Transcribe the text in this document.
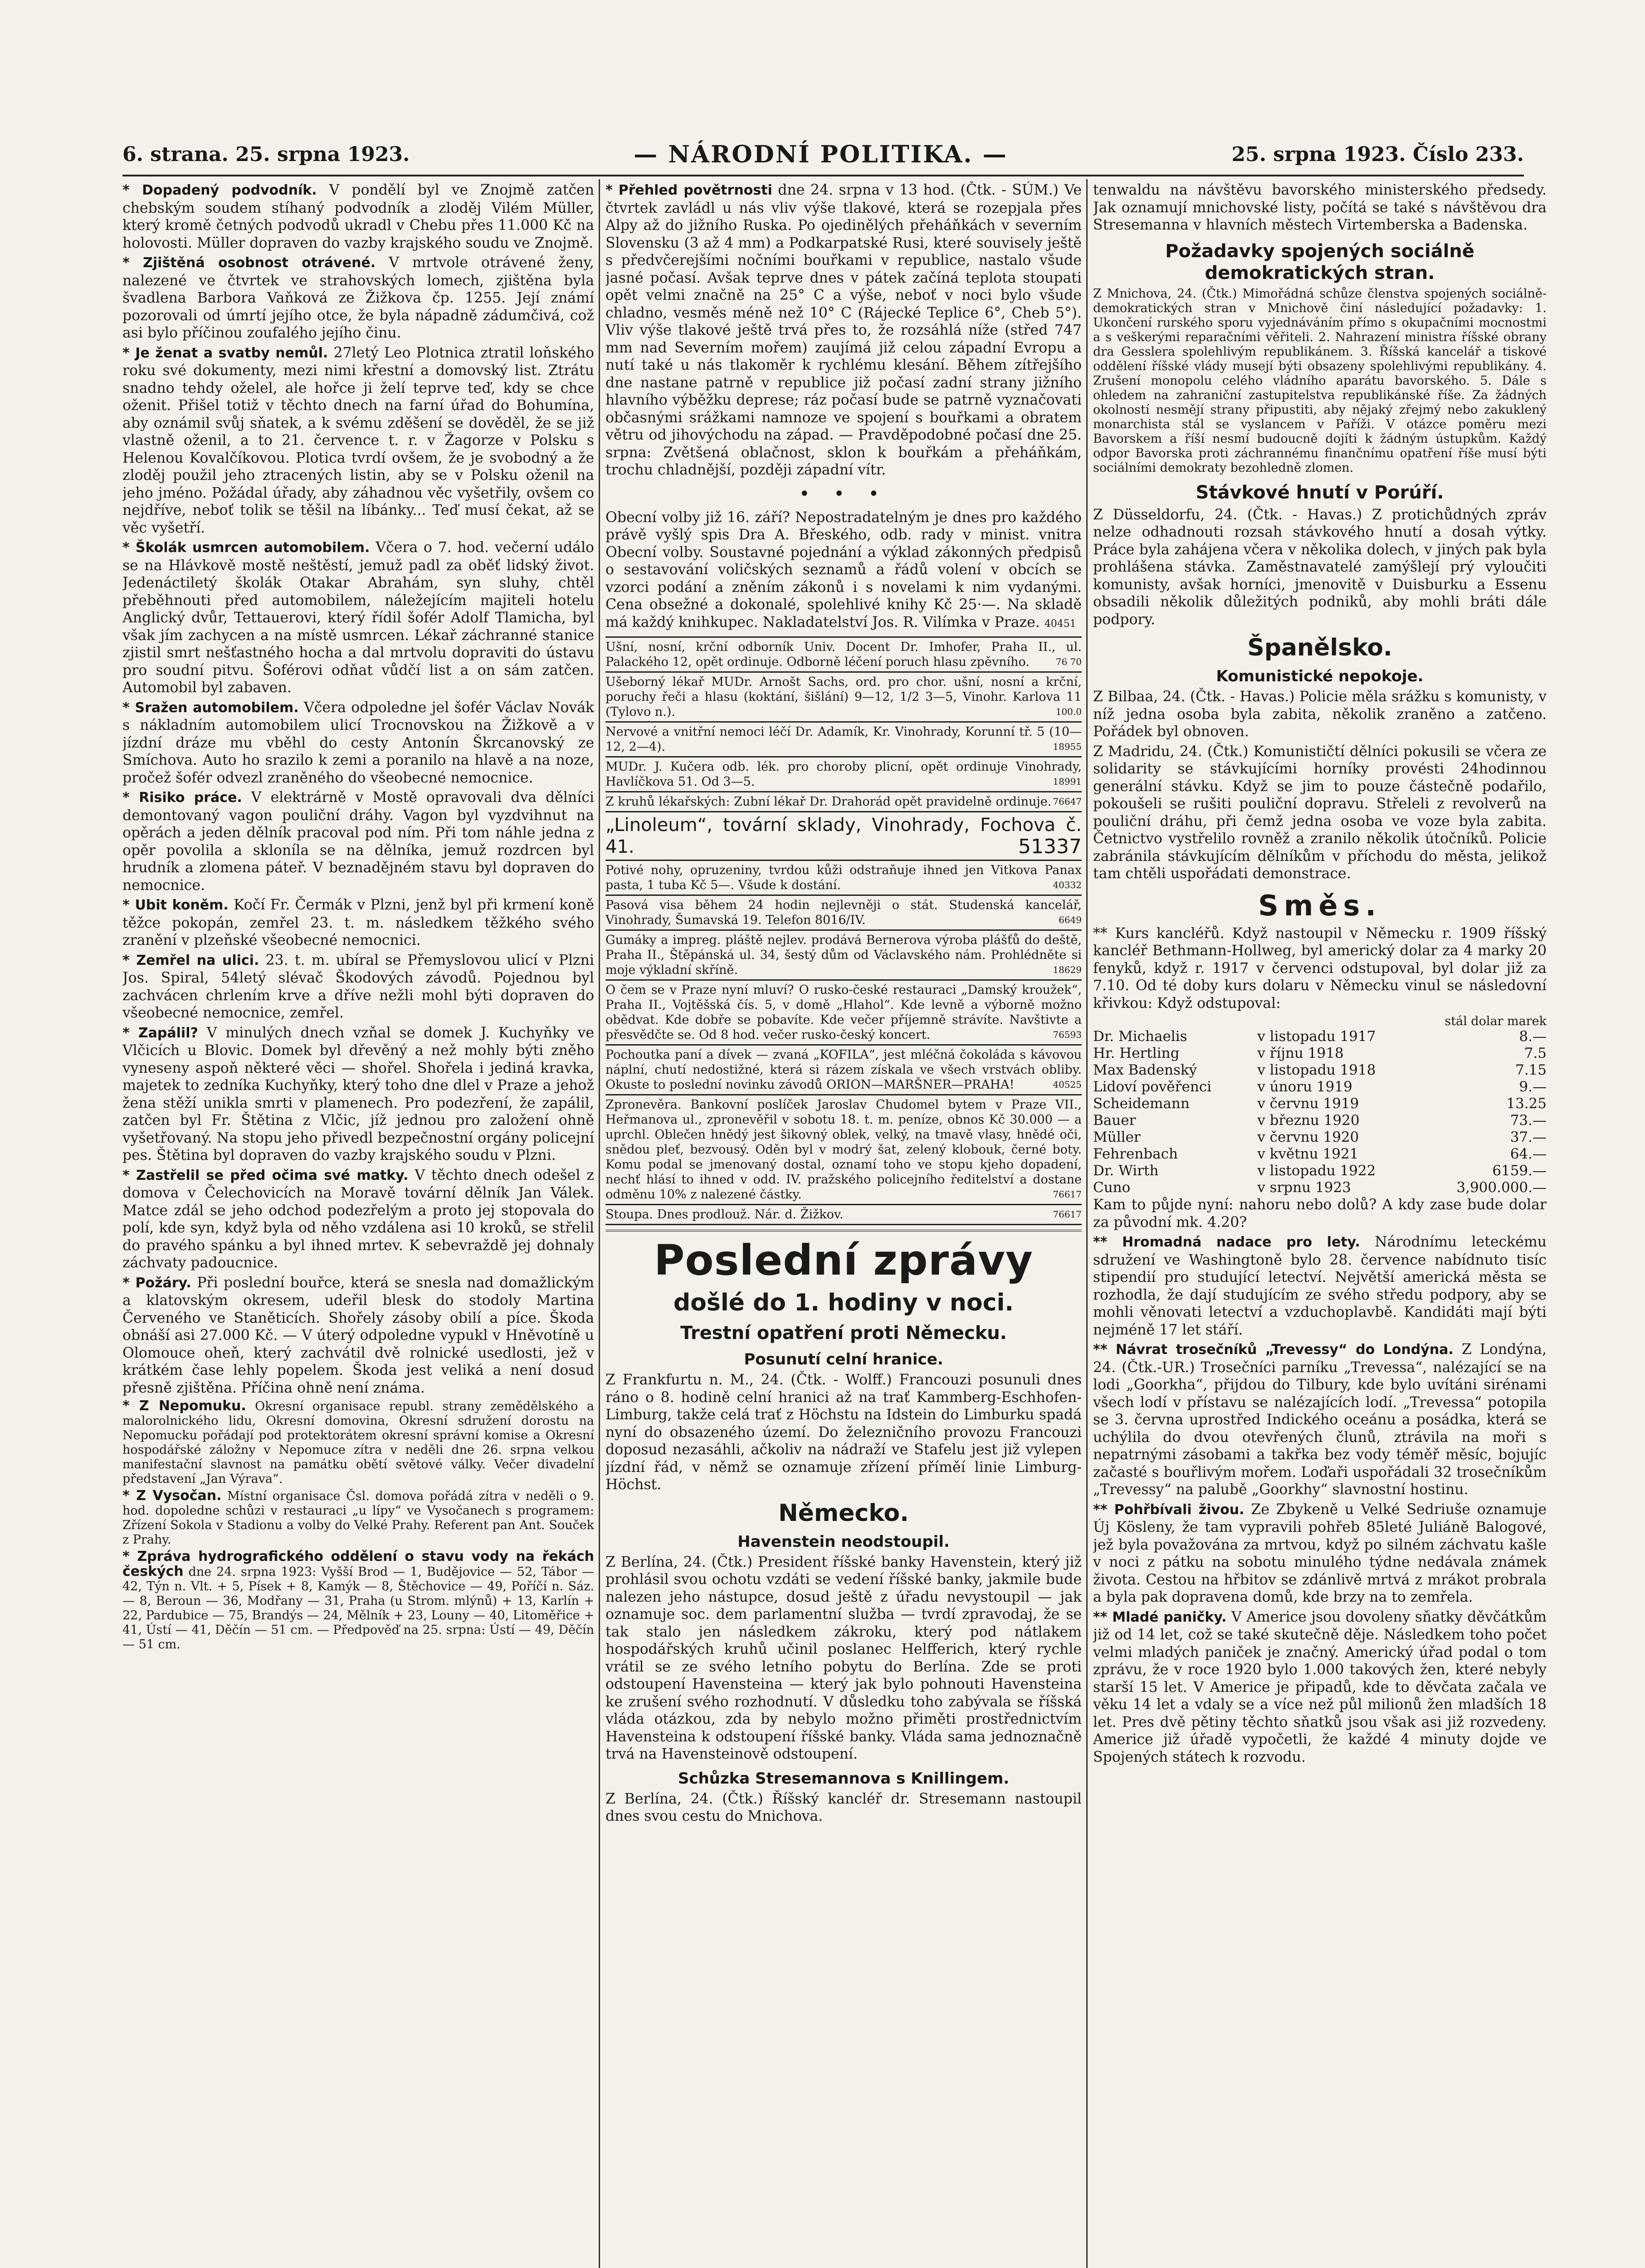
6. strana. 25. srpna 1923.	— NÁRODNÍ POLITIKA. —	25. srpna 1923. Číslo 233.

* Dopadený podvodník. V pondělí byl ve Znojmě zatčen chebským soudem stíhaný podvodník a zloděj Vilém Müller, který kromě četných podvodů ukradl v Chebu přes 11.000 Kč na holovosti. Müller dopraven do vazby krajského soudu ve Znojmě.

* Zjištěná osobnost otrávené. V mrtvole otrávené ženy, nalezené ve čtvrtek ve strahovských lomech, zjištěna byla švadlena Barbora Vaňková ze Žižkova čp. 1255. Její známí pozorovali od úmrtí jejího otce, že byla nápadně zádumčivá, což asi bylo příčinou zoufalého jejího činu.

* Je ženat a svatby nemůl. 27letý Leo Plotnica ztratil loňského roku své dokumenty, mezi nimi křestní a domovský list. Ztrátu snadno tehdy oželel, ale hořce ji želí teprve teď, kdy se chce oženit. Přišel totiž v těchto dnech na farní úřad do Bohumína, aby oznámil svůj sňatek, a k svému zděšení se dověděl, že se již vlastně oženil, a to 21. července t. r. v Žagorze v Polsku s Helenou Kovalčíkovou. Plotica tvrdí ovšem, že je svobodný a že zloděj použil jeho ztracených listin, aby se v Polsku oženil na jeho jméno. Požádal úřady, aby záhadnou věc vyšetřily, ovšem co nejdříve, neboť tolik se těšil na líbánky... Teď musí čekat, až se věc vyšetří.

* Školák usmrcen automobilem. Včera o 7. hod. večerní událo se na Hlávkově mostě neštěstí, jemuž padl za oběť lidský život. Jedenáctiletý školák Otakar Abrahám, syn sluhy, chtěl přeběhnouti před automobilem, náležejícím majiteli hotelu Anglický dvůr, Tettauerovi, který řídil šofér Adolf Tlamicha, byl však jím zachycen a na místě usmrcen. Lékař záchranné stanice zjistil smrt nešťastného hocha a dal mrtvolu dopraviti do ústavu pro soudní pitvu. Šoférovi odňat vůdčí list a on sám zatčen. Automobil byl zabaven.

* Sražen automobilem. Včera odpoledne jel šofér Václav Novák s nákladním automobilem ulicí Trocnovskou na Žižkově a v jízdní dráze mu vběhl do cesty Antonín Škrcanovský ze Smíchova. Auto ho srazilo k zemi a poranilo na hlavě a na noze, pročež šofér odvezl zraněného do všeobecné nemocnice.

* Risiko práce. V elektrárně v Mostě opravovali dva dělníci demontovaný vagon pouliční dráhy. Vagon byl vyzdvihnut na opěrách a jeden dělník pracoval pod ním. Při tom náhle jedna z opěr povolila a skloníla se na dělníka, jemuž rozdrcen byl hrudník a zlomena páteř. V beznadějném stavu byl dopraven do nemocnice.

* Ubit koněm. Kočí Fr. Čermák v Plzni, jenž byl při krmení koně těžce pokopán, zemřel 23. t. m. následkem těžkého svého zranění v plzeňské všeobecné nemocnici.

* Zemřel na ulici. 23. t. m. ubíral se Přemyslovou ulicí v Plzni Jos. Spiral, 54letý slévač Škodových závodů. Pojednou byl zachvácen chrlením krve a dříve nežli mohl býti dopraven do všeobecné nemocnice, zemřel.

* Zapálil? V minulých dnech vzňal se domek J. Kuchyňky ve Vlčicích u Blovic. Domek byl dřevěný a než mohly býti zněho vyneseny aspoň některé věci — shořel. Shořela i jediná kravka, majetek to zedníka Kuchyňky, který toho dne dlel v Praze a jehož žena stěží unikla smrti v plamenech. Pro podezření, že zapálil, zatčen byl Fr. Štětina z Vlčic, jíž jednou pro založení ohně vyšetřovaný. Na stopu jeho přivedl bezpečnostní orgány policejní pes. Štětina byl dopraven do vazby krajského soudu v Plzni.

* Zastřelil se před očima své matky. V těchto dnech odešel z domova v Čelechovicích na Moravě tovární dělník Jan Válek. Matce zdál se jeho odchod podezřelým a proto jej stopovala do polí, kde syn, když byla od něho vzdálena asi 10 kroků, se střelil do pravého spánku a byl ihned mrtev. K sebevraždě jej dohnaly záchvaty padoucnice.

* Požáry. Při poslední bouřce, která se snesla nad domažlickým a klatovským okresem, udeřil blesk do stodoly Martina Červeného ve Staněticích. Shořely zásoby obilí a píce. Škoda obnáší asi 27.000 Kč. — V úterý odpoledne vypukl v Hněvotíně u Olomouce oheň, který zachvátil dvě rolnické usedlosti, jež v krátkém čase lehly popelem. Škoda jest veliká a není dosud přesně zjištěna. Příčina ohně není známa.

* Z Nepomuku. Okresní organisace republ. strany zemědělského a malorolnického lidu, Okresní domovina, Okresní sdružení dorostu na Nepomucku pořádají pod protektorátem okresní správní komise a Okresní hospodářské záložny v Nepomuce zítra v neděli dne 26. srpna velkou manifestační slavnost na památku obětí světové války. Večer divadelní představení „Jan Výrava“.

* Z Vysočan. Místní organisace Čsl. domova pořádá zítra v neděli o 9. hod. dopoledne schůzi v restauraci „u lípy“ ve Vysočanech s programem: Zřízení Sokola v Stadionu a volby do Velké Prahy. Referent pan Ant. Souček z Prahy.

* Zpráva hydrografického oddělení o stavu vody na řekách českých dne 24. srpna 1923: Vyšší Brod — 1, Budějovice — 52, Tábor — 42, Týn n. Vlt. + 5, Písek + 8, Kamýk — 8, Štěchovice — 49, Poříčí n. Sáz. — 8, Beroun — 36, Modřany — 31, Praha (u Strom. mlýnů) + 13, Karlín + 22, Pardubice — 75, Brandýs — 24, Mělník + 23, Louny — 40, Litoměřice + 41, Ústí — 41, Děčín — 51 cm. — Předpověď na 25. srpna: Ústí — 49, Děčín — 51 cm.

* Přehled povětrnosti dne 24. srpna v 13 hod. (Čtk. - SÚM.) Ve čtvrtek zavládl u nás vliv výše tlakové, která se rozepjala přes Alpy až do jižního Ruska. Po ojedinělých přeháňkách v severním Slovensku (3 až 4 mm) a Podkarpatské Rusi, které souvisely ještě s předvčerejšími nočními bouřkami v republice, nastalo všude jasné počasí. Avšak teprve dnes v pátek začíná teplota stoupati opět velmi značně na 25° C a výše, neboť v noci bylo všude chladno, vesměs méně než 10° C (Rájecké Teplice 6°, Cheb 5°). Vliv výše tlakové ještě trvá přes to, že rozsáhlá níže (střed 747 mm nad Severním mořem) zaujímá již celou západní Evropu a nutí také u nás tlakoměr k rychlému klesání. Během zítřejšího dne nastane patrně v republice již počasí zadní strany jižního hlavního výběžku deprese; ráz počasí bude se patrně vyznačovati občasnými srážkami namnoze ve spojení s bouřkami a obratem větru od jihovýchodu na západ. — Pravděpodobné počasí dne 25. srpna: Zvětšená oblačnost, sklon k bouřkám a přeháňkám, trochu chladnější, později západní vítr.

• • •

Obecní volby již 16. září? Nepostradatelným je dnes pro každého právě vyšlý spis Dra A. Břeského, odb. rady v minist. vnitra Obecní volby. Soustavné pojednání a výklad zákonných předpisů o sestavování voličských seznamů a řádů volení v obcích se vzorci podání a zněním zákonů i s novelami k nim vydanými. Cena obsežné a dokonalé, spolehlivé knihy Kč 25·—. Na skladě má každý knihkupec. Nakladatelství Jos. R. Vilímka v Praze. 40451

Ušní, nosní, krční odborník Univ. Docent Dr. Imhofer, Praha II., ul. Palackého 12, opět ordinuje. Odborně léčení poruch hlasu zpěvního.	76 70
Ušeborný lékař MUDr. Arnošt Sachs, ord. pro chor. ušní, nosní a krční, poruchy řeči a hlasu (koktání, šišlání) 9—12, 1/2 3—5, Vinohr. Karlova 11 (Tylovo n.).	100.0
Nervové a vnitřní nemoci léčí Dr. Adamík, Kr. Vinohrady, Korunní tř. 5 (10—12, 2—4).	18955
MUDr. J. Kučera odb. lék. pro choroby plicní, opět ordinuje Vinohrady, Havlíčkova 51. Od 3—5.	18991
Z kruhů lékařských: Zubní lékař Dr. Drahorád opět pravidelně ordinuje. 76647
„Linoleum“, tovární sklady, Vinohrady, Fochova č. 41.	51337
Potivé nohy, opruzeniny, tvrdou kůži odstraňuje ihned jen Vitkova Panax pasta, 1 tuba Kč 5—. Všude k dostání.	40332
Pasová visa během 24 hodin nejlevněji o stát. Studenská kancelář, Vinohrady, Šumavská 19. Telefon 8016/IV.	6649
Gumáky a impreg. pláště nejlev. prodává Bernerova výroba plášťů do deště, Praha II., Štěpánská ul. 34, šestý dům od Václavského nám. Prohlédněte si moje výkladní skříně.	18629
O čem se v Praze nyní mluví? O rusko-české restauraci „Damský kroužek“, Praha II., Vojtěšská čís. 5, v domě „Hlahol“. Kde levně a výborně možno obědvat. Kde dobře se pobavíte. Kde večer příjemně strávíte. Navštivte a přesvědčte se. Od 8 hod. večer rusko-český koncert.	76593
Pochoutka paní a dívek — zvaná „KOFILA“, jest mléčná čokoláda s kávovou náplní, chutí nedostižné, která si rázem získala ve všech vrstvách obliby. Okuste to poslední novinku závodů ORION—MARŠNER—PRAHA!	40525
Zpronevěra. Bankovní poslíček Jaroslav Chudomel bytem v Praze VII., Heřmanova ul., zpronevěřil v sobotu 18. t. m. peníze, obnos Kč 30.000 — a uprchl. Oblečen hnědý jest šikovný oblek, velký, na tmavě vlasy, hnědé oči, snědou pleť, bezvousý. Oděn byl v modrý šat, zelený klobouk, černé boty. Komu podal se jmenovaný dostal, oznamí toho ve stopu kjeho dopadení, nechť hlásí to ihned v odd. IV. pražského policejního ředitelství a dostane odměnu 10% z nalezené částky.	76617
Stoupa. Dnes prodlouž. Nár. d. Žižkov.	76617
Poslední zprávy
došlé do 1. hodiny v noci.
Trestní opatření proti Německu.
Posunutí celní hranice.

Z Frankfurtu n. M., 24. (Čtk. - Wolff.) Francouzi posunuli dnes ráno o 8. hodině celní hranici až na trať Kammberg-Eschhofen-Limburg, takže celá trať z Höchstu na Idstein do Limburku spadá nyní do obsazeného území. Do železničního provozu Francouzi doposud nezasáhli, ačkoliv na nádraží ve Stafelu jest již vylepen jízdní řád, v němž se oznamuje zřízení příměí linie Limburg-Höchst.

Německo.
Havenstein neodstoupil.

Z Berlína, 24. (Čtk.) President říšské banky Havenstein, který již prohlásil svou ochotu vzdáti se vedení říšské banky, jakmile bude nalezen jeho nástupce, dosud ještě z úřadu nevystoupil — jak oznamuje soc. dem parlamentní služba — tvrdí zpravodaj, že se tak stalo jen následkem zákroku, který pod nátlakem hospodářských kruhů učinil poslanec Helfferich, který rychle vrátil se ze svého letního pobytu do Berlína. Zde se proti odstoupení Havensteina — který jak bylo pohnouti Havensteina ke zrušení svého rozhodnutí. V důsledku toho zabývala se říšská vláda otázkou, zda by nebylo možno přiměti prostřednictvím Havensteina k odstoupení říšské banky. Vláda sama jednoznačně trvá na Havensteinově odstoupení.

Schůzka Stresemannova s Knillingem.

Z Berlína, 24. (Čtk.) Říšský kancléř dr. Stresemann nastoupil dnes svou cestu do Mnichova.

tenwaldu na návštěvu bavorského ministerského předsedy. Jak oznamují mnichovské listy, počítá se také s návštěvou dra Stresemanna v hlavních městech Virtemberska a Badenska.

Požadavky spojených sociálně demokratických stran.

Z Mnichova, 24. (Čtk.) Mimořádná schůze členstva spojených sociálně-demokratických stran v Mnichově činí následující požadavky: 1. Ukončení rurského sporu vyjednáváním přímo s okupačními mocnostmi a s veškerými reparačními věřiteli. 2. Nahrazení ministra říšské obrany dra Gesslera spolehlivým republikánem. 3. Říšská kancelář a tiskové oddělení říšské vlády musejí býti obsazeny spolehlivými republikány. 4. Zrušení monopolu celého vládního aparátu bavorského. 5. Dále s ohledem na zahraniční zastupitelstva republikánské říše. Za žádných okolností nesmějí strany připustiti, aby nějaký zřejmý nebo zakuklený monarchista stál se vyslancem v Paříži. V otázce poměru mezi Bavorskem a říší nesmí budoucně dojíti k žádným ústupkům. Každý odpor Bavorska proti záchrannému finančnímu opatření říše musí býti sociálními demokraty bezohledně zlomen.

Stávkové hnutí v Porúří.

Z Düsseldorfu, 24. (Čtk. - Havas.) Z protichůdných zpráv nelze odhadnouti rozsah stávkového hnutí a dosah výtky. Práce byla zahájena včera v několika dolech, v jiných pak byla prohlášena stávka. Zaměstnavatelé zamýšlejí prý vyloučiti komunisty, avšak horníci, jmenovitě v Duisburku a Essenu obsadili několik důležitých podniků, aby mohli bráti dále podpory.

Španělsko.
Komunistické nepokoje.

Z Bilbaa, 24. (Čtk. - Havas.) Policie měla srážku s komunisty, v níž jedna osoba byla zabita, několik zraněno a zatčeno. Pořádek byl obnoven.

Z Madridu, 24. (Čtk.) Komunističtí dělníci pokusili se včera ze solidarity se stávkujícími horníky provésti 24hodinnou generální stávku. Když se jim to pouze částečně podařilo, pokoušeli se rušiti pouliční dopravu. Střeleli z revolverů na pouliční dráhu, při čemž jedna osoba ve voze byla zabita. Četnictvo vystřelilo rovněž a zranilo několik útočníků. Policie zabránila stávkujícím dělníkům v příchodu do města, jelikož tam chtěli uspořádati demonstrace.

Směs.

** Kurs kancléřů. Když nastoupil v Německu r. 1909 říšský kancléř Bethmann-Hollweg, byl americký dolar za 4 marky 20 fenyků, když r. 1917 v červenci odstupoval, byl dolar již za 7.10. Od té doby kurs dolaru v Německu vinul se následovní křivkou: Když odstupoval:

stál dolar marek
Dr. Michaelis	v listopadu 1917	8.—
Hr. Hertling	v říjnu 1918	7.5
Max Badenský	v listopadu 1918	7.15
Lidoví pověřenci	v únoru 1919	9.—
Scheidemann	v červnu 1919	13.25
Bauer	v březnu 1920	73.—
Müller	v červnu 1920	37.—
Fehrenbach	v květnu 1921	64.—
Dr. Wirth	v listopadu 1922	6159.—
Cuno	v srpnu 1923	3,900.000.—

Kam to půjde nyní: nahoru nebo dolů? A kdy zase bude dolar za původní mk. 4.20?

** Hromadná nadace pro lety. Národnímu leteckému sdružení ve Washingtoně bylo 28. července nabídnuto tisíc stipendií pro studující letectví. Největší americká města se rozhodla, že dají studujícím ze svého středu podpory, aby se mohli věnovati letectví a vzduchoplavbě. Kandidáti mají býti nejméně 17 let stáří.

** Návrat trosečníků „Trevessy“ do Londýna. Z Londýna, 24. (Čtk.-UR.) Trosečníci parníku „Trevessa“, nalézající se na lodi „Goorkha“, přijdou do Tilbury, kde bylo uvítáni sirénami všech lodí v přístavu se nalézajících lodí. „Trevessa“ potopila se 3. června uprostřed Indického oceánu a posádka, která se uchýlila do dvou otevřených člunů, ztrávila na moři s nepatrnými zásobami a takřka bez vody téměř měsíc, bojujíc začasté s bouřlivým mořem. Loďaři uspořádali 32 trosečníkům „Trevessy“ na palubě „Goorkhy“ slavnostní hostinu.

** Pohřbívali živou. Ze Zbykeně u Velké Sedriuše oznamuje Új Kösleny, že tam vypravili pohřeb 85leté Juliáně Balogové, jež byla považována za mrtvou, když po silném záchvatu kašle v noci z pátku na sobotu minulého týdne nedávala známek života. Cestou na hřbitov se zdánlivě mrtvá z mrákot probrala a byla pak dopravena domů, kde brzy na to zemřela.

** Mladé paničky. V Americe jsou dovoleny sňatky děvčátkům již od 14 let, což se také skutečně děje. Následkem toho počet velmi mladých paniček je značný. Americký úřad podal o tom zprávu, že v roce 1920 bylo 1.000 takových žen, které nebyly starší 15 let. V Americe je připadů, kde to děvčata začala ve věku 14 let a vdaly se a více než půl milionů žen mladších 18 let. Pres dvě pětiny těchto sňatků jsou však asi již rozvedeny. Americe již úřadě vypočetli, že každé 4 minuty dojde ve Spojených státech k rozvodu.
